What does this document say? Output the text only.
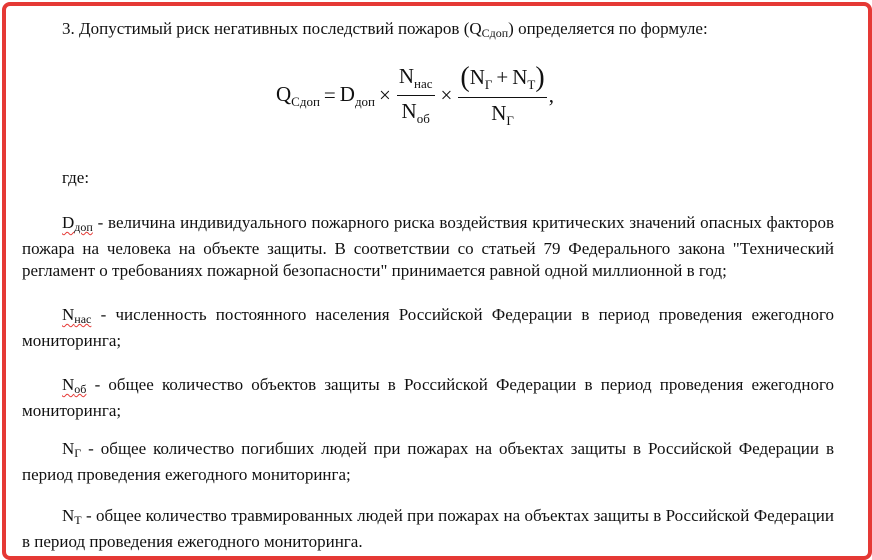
3. Допустимый риск негативных последствий пожаров $(Q_{Сдоп})$ определяется по формуле:

где:

$D_{доп}$ - величина индивидуального пожарного риска воздействия критических значений опасных факторов пожара на человека на объекте защиты. В соответствии со статьей 79 Федерального закона "Технический регламент о требованиях пожарной безопасности" принимается равной одной миллионной в год;

$N_{нас}$ - численность постоянного населения Российской Федерации в период проведения ежегодного мониторинга;

$N_{об}$ - общее количество объектов защиты в Российской Федерации в период проведения ежегодного мониторинга;

$N_Г$ - общее количество погибших людей при пожарах на объектах защиты в Российской Федерации в период проведения ежегодного мониторинга;

$N_Т$ - общее количество травмированных людей при пожарах на объектах защиты в Российской Федерации в период проведения ежегодного мониторинга.

$Q_{Сдоп} = D_{доп} \times \frac{N_{нас}}{N_{об}} \times \frac{(N_Г + N_Т)}{N_Г}$ ,
